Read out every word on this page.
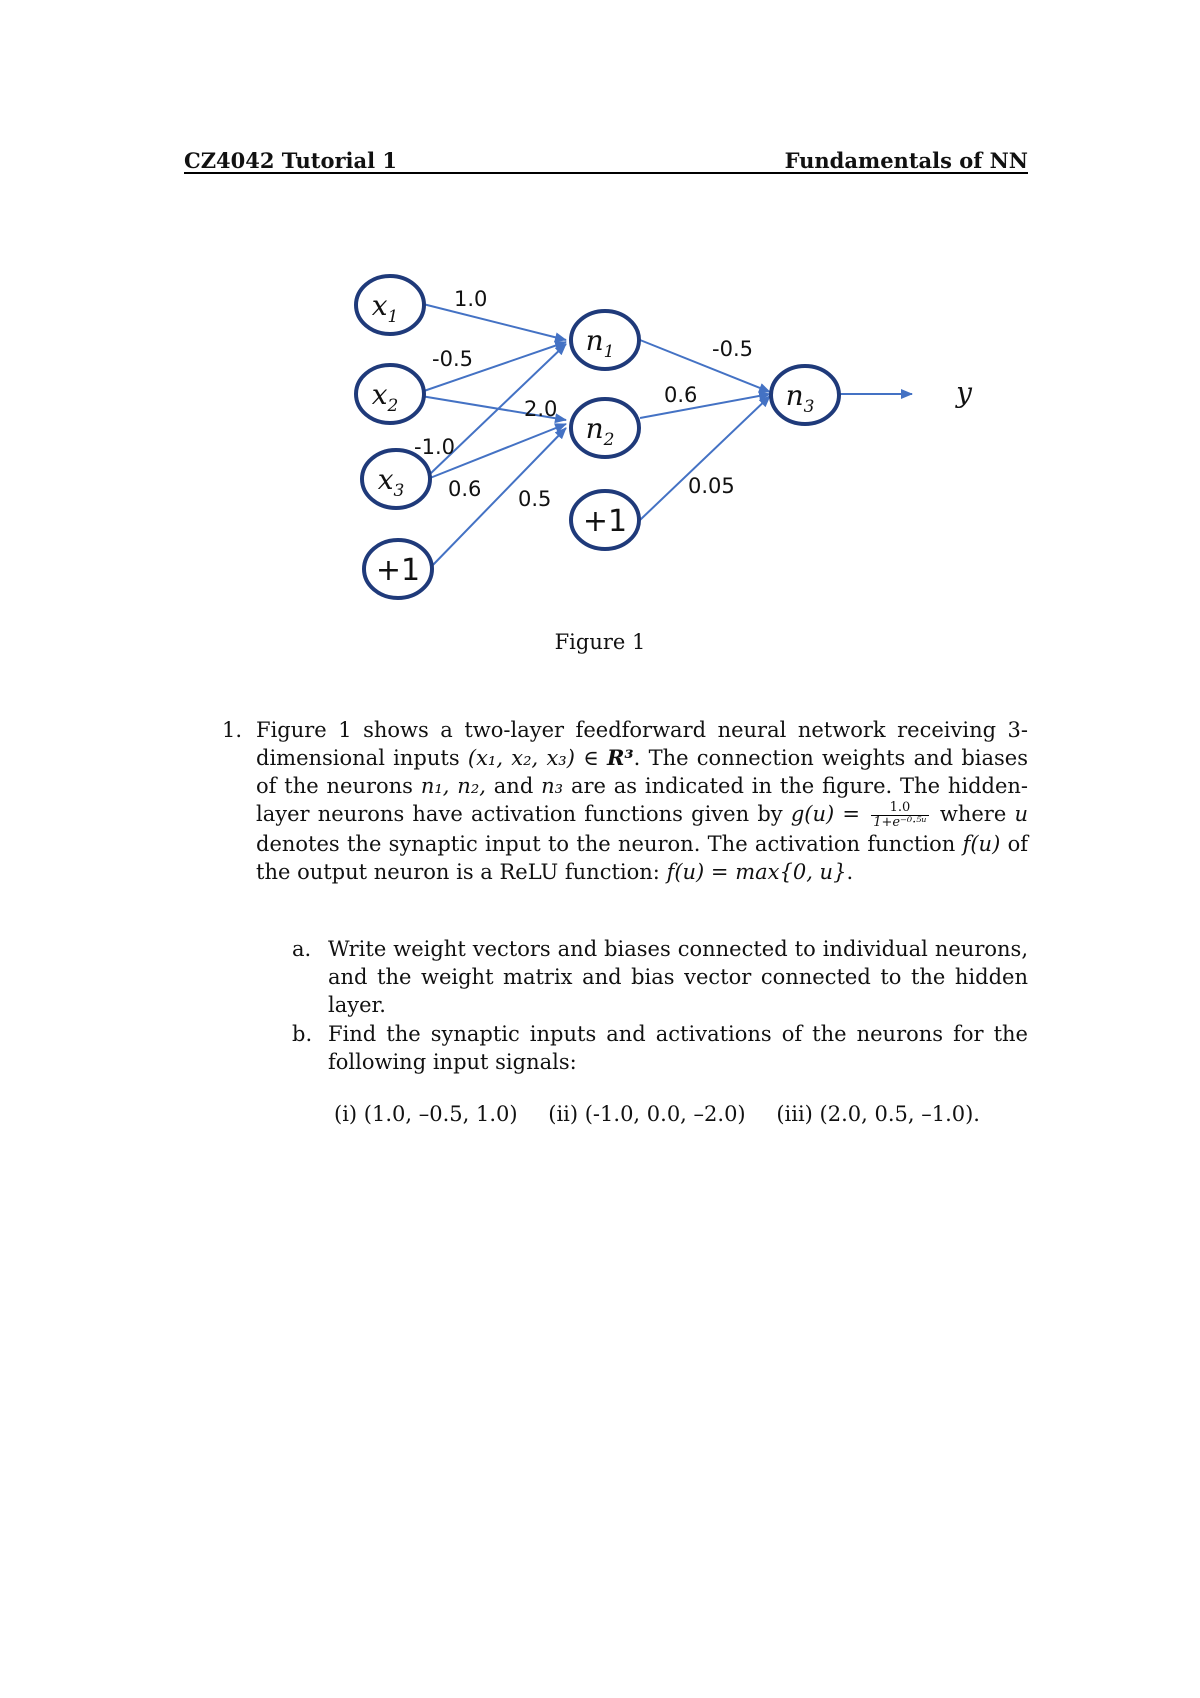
CZ4042 Tutorial 1	Fundamentals of NN
$x_1$
$x_2$
$x_3$
$n_1$
$n_2$
$n_3$	y
+1
+1
1.0
-0.5
2.0
-1.0
0.6 0.5
-0.5
0.6
0.05
Figure 1
1. Figure 1 shows a two-layer feedforward neural network receiving 3-dimensional inputs (x₁, x₂, x₃) ∈ R³. The connection weights and biases of the neurons n₁, n₂, and n₃ are as indicated in the figure. The hidden-layer neurons have activation functions given by $g(u) = \frac{1.0}{\text{1+e⁻⁰·⁵ᵘ}}$ where u denotes the synaptic input to the neuron. The activation function f(u) of the output neuron is a ReLU function: f(u) = max{0, u}.
a. Write weight vectors and biases connected to individual neurons, and the weight matrix and bias vector connected to the hidden layer.
b. Find the synaptic inputs and activations of the neurons for the following input signals:
(i) (1.0, –0.5, 1.0) (ii) (-1.0, 0.0, –2.0) (iii) (2.0, 0.5, –1.0).
